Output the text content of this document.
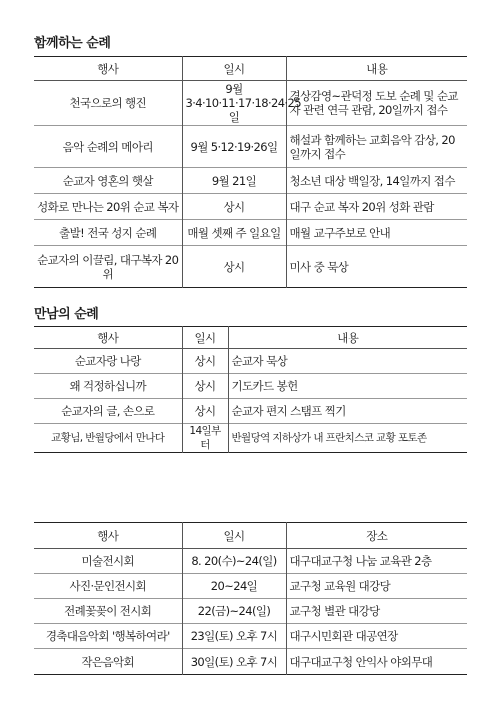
함께하는 순례
행사	일시	내용
천국으로의 행진	9월 3·4·10·11·17·18·24·25일	경상감영~관덕정 도보 순례 및 순교자 관련 연극 관람, 20일까지 접수
음악 순례의 메아리	9월 5·12·19·26일	해설과 함께하는 교회음악 감상, 20일까지 접수
순교자 영혼의 햇살	9월 21일	청소년 대상 백일장, 14일까지 접수
성화로 만나는 20위 순교 복자	상시	대구 순교 복자 20위 성화 관람
출발! 전국 성지 순례	매월 셋째 주 일요일	매월 교구주보로 안내
순교자의 이끌림, 대구복자 20위	상시	미사 중 묵상
만남의 순례
행사	일시	내용
순교자랑 나랑	상시	순교자 묵상
왜 걱정하십니까	상시	기도카드 봉헌
순교자의 글, 손으로	상시	순교자 편지 스탬프 찍기
교황님, 반월당에서 만나다	14일부터	반월당역 지하상가 내 프란치스코 교황 포토존
행사	일시	장소
미술전시회	8. 20(수)~24(일)	대구대교구청 나눔 교육관 2층
사진·문인전시회	20~24일	교구청 교육원 대강당
전례꽃꽂이 전시회	22(금)~24(일)	교구청 별관 대강당
경축대음악회 '행복하여라'	23일(토) 오후 7시	대구시민회관 대공연장
작은음악회	30일(토) 오후 7시	대구대교구청 안익사 야외무대
